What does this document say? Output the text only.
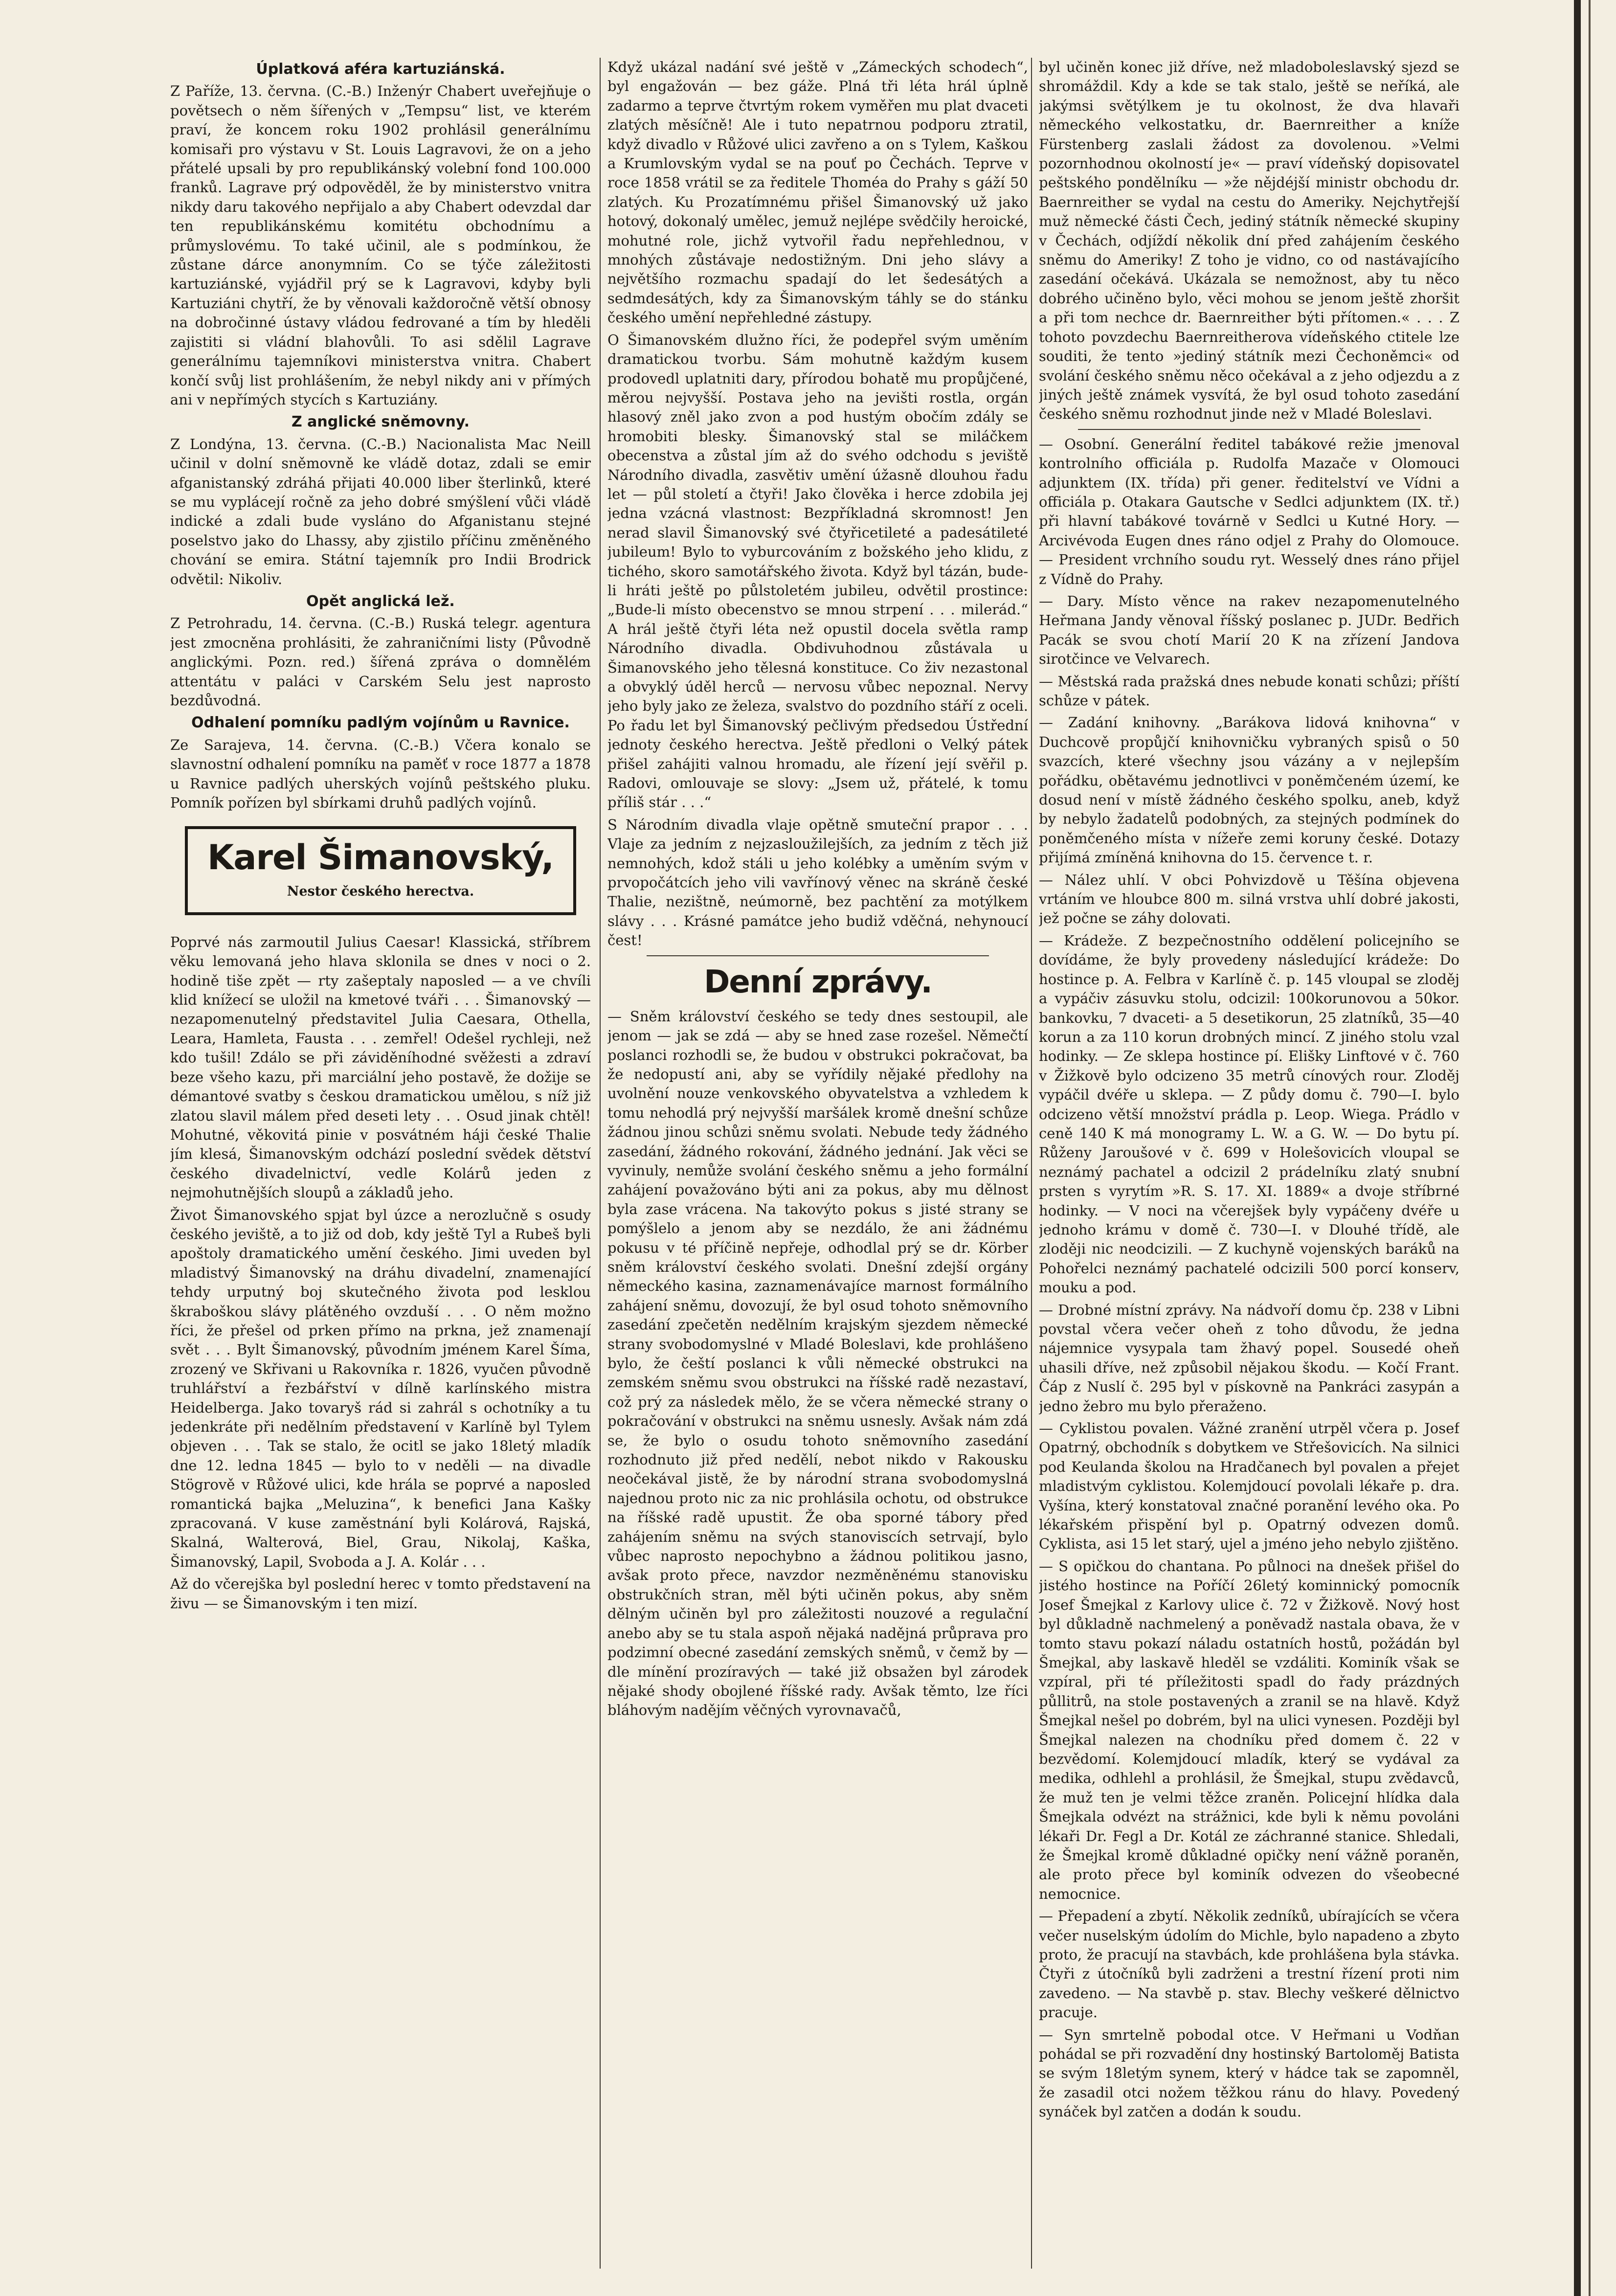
Úplatková aféra kartuziánská.

Z Paříže, 13. června. (C.-B.) Inženýr Chabert uveřejňuje o povětsech o něm šířených v „Tempsu“ list, ve kterém praví, že koncem roku 1902 prohlásil generálnímu komisaři pro výstavu v St. Louis Lagravovi, že on a jeho přátelé upsali by pro republikánský volební fond 100.000 franků. Lagrave prý odpověděl, že by ministerstvo vnitra nikdy daru takového nepřijalo a aby Chabert odevzdal dar ten republikánskému komitétu obchodnímu a průmyslovému. To také učinil, ale s podmínkou, že zůstane dárce anonymním. Co se týče záležitosti kartuziánské, vyjádřil prý se k Lagravovi, kdyby byli Kartuziáni chytří, že by věnovali každoročně větší obnosy na dobročinné ústavy vládou fedrované a tím by hleděli zajistiti si vládní blahovůli. To asi sdělil Lagrave generálnímu tajemníkovi ministerstva vnitra. Chabert končí svůj list prohlášením, že nebyl nikdy ani v přímých ani v nepřímých stycích s Kartuziány.

Z anglické sněmovny.

Z Londýna, 13. června. (C.-B.) Nacionalista Mac Neill učinil v dolní sněmovně ke vládě dotaz, zdali se emir afganistanský zdráhá přijati 40.000 liber šterlinků, které se mu vyplácejí ročně za jeho dobré smýšlení vůči vládě indické a zdali bude vysláno do Afganistanu stejné poselstvo jako do Lhassy, aby zjistilo příčinu změněného chování se emira. Státní tajemník pro Indii Brodrick odvětil: Nikoliv.

Opět anglická lež.

Z Petrohradu, 14. června. (C.-B.) Ruská telegr. agentura jest zmocněna prohlásiti, že zahraničními listy (Původně anglickými. Pozn. red.) šířená zpráva o domnělém attentátu v paláci v Carském Selu jest naprosto bezdůvodná.

Odhalení pomníku padlým vojínům u Ravnice.

Ze Sarajeva, 14. června. (C.-B.) Včera konalo se slavnostní odhalení pomníku na paměť v roce 1877 a 1878 u Ravnice padlých uherských vojínů peštského pluku. Pomník pořízen byl sbírkami druhů padlých vojínů.

Karel Šimanovský,
Nestor českého herectva.

Poprvé nás zarmoutil Julius Caesar! Klassická, stříbrem věku lemovaná jeho hlava sklonila se dnes v noci o 2. hodině tiše zpět — rty zašeptaly naposled — a ve chvíli klid knížecí se uložil na kmetové tváři . . . Šimanovský — nezapomenutelný představitel Julia Caesara, Othella, Leara, Hamleta, Fausta . . . zemřel! Odešel rychleji, než kdo tušil! Zdálo se při záviděníhodné svěžesti a zdraví beze všeho kazu, při marciální jeho postavě, že dožije se démantové svatby s českou dramatickou umělou, s níž již zlatou slavil málem před deseti lety . . . Osud jinak chtěl! Mohutné, věkovitá pinie v posvátném háji české Thalie jím klesá, Šimanovským odchází poslední svědek dětství českého divadelnictví, vedle Kolárů jeden z nejmohutnějších sloupů a základů jeho.

Život Šimanovského spjat byl úzce a nerozlučně s osudy českého jeviště, a to již od dob, kdy ještě Tyl a Rubeš byli apoštoly dramatického umění českého. Jimi uveden byl mladistvý Šimanovský na dráhu divadelní, znamenající tehdy urputný boj skutečného života pod lesklou škraboškou slávy plátěného ovzduší . . . O něm možno říci, že přešel od prken přímo na prkna, jež znamenají svět . . . Bylt Šimanovský, původním jménem Karel Šíma, zrozený ve Skřivani u Rakovníka r. 1826, vyučen původně truhlářství a řezbářství v dílně karlínského mistra Heidelberga. Jako tovaryš rád si zahrál s ochotníky a tu jedenkráte při nedělním představení v Karlíně byl Tylem objeven . . . Tak se stalo, že ocitl se jako 18letý mladík dne 12. ledna 1845 — bylo to v neděli — na divadle Stögrově v Růžové ulici, kde hrála se poprvé a naposled romantická bajka „Meluzina“, k benefici Jana Kašky zpracovaná. V kuse zaměstnání byli Kolárová, Rajská, Skalná, Walterová, Biel, Grau, Nikolaj, Kaška, Šimanovský, Lapil, Svoboda a J. A. Kolár . . .

Až do včerejška byl poslední herec v tomto představení na živu — se Šimanovským i ten mizí.

Když ukázal nadání své ještě v „Zámeckých schodech“, byl engažován — bez gáže. Plná tři léta hrál úplně zadarmo a teprve čtvrtým rokem vyměřen mu plat dvaceti zlatých měsíčně! Ale i tuto nepatrnou podporu ztratil, když divadlo v Růžové ulici zavřeno a on s Tylem, Kaškou a Krumlovským vydal se na pouť po Čechách. Teprve v roce 1858 vrátil se za ředitele Thoméa do Prahy s gáží 50 zlatých. Ku Prozatímnému přišel Šimanovský už jako hotový, dokonalý umělec, jemuž nejlépe svědčily heroické, mohutné role, jichž vytvořil řadu nepřehlednou, v mnohých zůstávaje nedostižným. Dni jeho slávy a největšího rozmachu spadají do let šedesátých a sedmdesátých, kdy za Šimanovským táhly se do stánku českého umění nepřehledné zástupy.

O Šimanovském dlužno říci, že podepřel svým uměním dramatickou tvorbu. Sám mohutně každým kusem prodovedl uplatniti dary, přírodou bohatě mu propůjčené, měrou nejvyšší. Postava jeho na jevišti rostla, orgán hlasový zněl jako zvon a pod hustým obočím zdály se hromobiti blesky. Šimanovský stal se miláčkem obecenstva a zůstal jím až do svého odchodu s jeviště Národního divadla, zasvětiv umění úžasně dlouhou řadu let — půl století a čtyři! Jako člověka i herce zdobila jej jedna vzácná vlastnost: Bezpříkladná skromnost! Jen nerad slavil Šimanovský své čtyřicetileté a padesátileté jubileum! Bylo to vyburcováním z božského jeho klidu, z tichého, skoro samotářského života. Když byl tázán, bude-li hráti ještě po půlstoletém jubileu, odvětil prostince: „Bude-li místo obecenstvo se mnou strpení . . . milerád.“ A hrál ještě čtyři léta než opustil docela světla ramp Národního divadla. Obdivuhodnou zůstávala u Šimanovského jeho tělesná konstituce. Co živ nezastonal a obvyklý úděl herců — nervosu vůbec nepoznal. Nervy jeho byly jako ze železa, svalstvo do pozdního stáří z oceli. Po řadu let byl Šimanovský pečlivým předsedou Ústřední jednoty českého herectva. Ještě předloni o Velký pátek přišel zahájiti valnou hromadu, ale řízení její svěřil p. Radovi, omlouvaje se slovy: „Jsem už, přátelé, k tomu příliš stár . . .“

S Národním divadla vlaje opětně smuteční prapor . . . Vlaje za jedním z nejzasloužilejších, za jedním z těch již nemnohých, kdož stáli u jeho kolébky a uměním svým v prvopočátcích jeho vili vavřínový věnec na skráně české Thalie, nezištně, neúmorně, bez pachtění za motýlkem slávy . . . Krásné památce jeho budiž vděčná, nehynoucí čest!

Denní zprávy.

— Sněm království českého se tedy dnes sestoupil, ale jenom — jak se zdá — aby se hned zase rozešel. Němečtí poslanci rozhodli se, že budou v obstrukci pokračovat, ba že nedopustí ani, aby se vyřídily nějaké předlohy na uvolnění nouze venkovského obyvatelstva a vzhledem k tomu nehodlá prý nejvyšší maršálek kromě dnešní schůze žádnou jinou schůzi sněmu svolati. Nebude tedy žádného zasedání, žádného rokování, žádného jednání. Jak věci se vyvinuly, nemůže svolání českého sněmu a jeho formální zahájení považováno býti ani za pokus, aby mu dělnost byla zase vrácena. Na takovýto pokus s jisté strany se pomýšlelo a jenom aby se nezdálo, že ani žádnému pokusu v té příčině nepřeje, odhodlal prý se dr. Körber sněm království českého svolati. Dnešní zdejší orgány německého kasina, zaznamenávajíce marnost formálního zahájení sněmu, dovozují, že byl osud tohoto sněmovního zasedání zpečetěn nedělním krajským sjezdem německé strany svobodomyslné v Mladé Boleslavi, kde prohlášeno bylo, že čeští poslanci k vůli německé obstrukci na zemském sněmu svou obstrukci na říšské radě nezastaví, což prý za následek mělo, že se včera německé strany o pokračování v obstrukci na sněmu usnesly. Avšak nám zdá se, že bylo o osudu tohoto sněmovního zasedání rozhodnuto již před nedělí, nebot nikdo v Rakousku neočekával jistě, že by národní strana svobodomyslná najednou proto nic za nic prohlásila ochotu, od obstrukce na říšské radě upustit. Že oba sporné tábory před zahájením sněmu na svých stanoviscích setrvají, bylo vůbec naprosto nepochybno a žádnou politikou jasno, avšak proto přece, navzdor nezměněnému stanovisku obstrukčních stran, měl býti učiněn pokus, aby sněm dělným učiněn byl pro záležitosti nouzové a regulační anebo aby se tu stala aspoň nějaká nadějná průprava pro podzimní obecné zasedání zemských sněmů, v čemž by — dle mínění prozíravých — také již obsažen byl zárodek nějaké shody obojlené říšské rady. Avšak těmto, lze říci bláhovým nadějím věčných vyrovnavačů,

byl učiněn konec již dříve, než mladoboleslavský sjezd se shromáždil. Kdy a kde se tak stalo, ještě se neříká, ale jakýmsi světýlkem je tu okolnost, že dva hlavaři německého velkostatku, dr. Baernreither a kníže Fürstenberg zaslali žádost za dovolenou. »Velmi pozornhodnou okolností je« — praví vídeňský dopisovatel peštského pondělníku — »že nějdéjší ministr obchodu dr. Baernreither se vydal na cestu do Ameriky. Nejchytřejší muž německé části Čech, jediný státník německé skupiny v Čechách, odjíždí několik dní před zahájením českého sněmu do Ameriky! Z toho je vidno, co od nastávajícího zasedání očekává. Ukázala se nemožnost, aby tu něco dobrého učiněno bylo, věci mohou se jenom ještě zhoršit a při tom nechce dr. Baernreither býti přítomen.« . . . Z tohoto povzdechu Baernreitherova vídeňského ctitele lze souditi, že tento »jediný státník mezi Čechoněmci« od svolání českého sněmu něco očekával a z jeho odjezdu a z jiných ještě známek vysvítá, že byl osud tohoto zasedání českého sněmu rozhodnut jinde než v Mladé Boleslavi.

— Osobní. Generální ředitel tabákové režie jmenoval kontrolního officiála p. Rudolfa Mazače v Olomouci adjunktem (IX. třída) při gener. ředitelství ve Vídni a officiála p. Otakara Gautsche v Sedlci adjunktem (IX. tř.) při hlavní tabákové továrně v Sedlci u Kutné Hory. — Arcivévoda Eugen dnes ráno odjel z Prahy do Olomouce. — President vrchního soudu ryt. Wesselý dnes ráno přijel z Vídně do Prahy.

— Dary. Místo věnce na rakev nezapomenutelného Heřmana Jandy věnoval říšský poslanec p. JUDr. Bedřich Pacák se svou chotí Marií 20 K na zřízení Jandova sirotčince ve Velvarech.

— Městská rada pražská dnes nebude konati schůzi; příští schůze v pátek.

— Zadání knihovny. „Barákova lidová knihovna“ v Duchcově propůjčí knihovničku vybraných spisů o 50 svazcích, které všechny jsou vázány a v nejlepším pořádku, obětavému jednotlivci v poněmčeném území, ke dosud není v místě žádného českého spolku, aneb, když by nebylo žadatelů podobných, za stejných podmínek do poněmčeného místa v nížeře zemi koruny české. Dotazy přijímá zmíněná knihovna do 15. července t. r.

— Nález uhlí. V obci Pohvizdově u Těšína objevena vrtáním ve hloubce 800 m. silná vrstva uhlí dobré jakosti, jež počne se záhy dolovati.

— Krádeže. Z bezpečnostního oddělení policejního se dovídáme, že byly provedeny následující krádeže: Do hostince p. A. Felbra v Karlíně č. p. 145 vloupal se zloděj a vypáčiv zásuvku stolu, odcizil: 100korunovou a 50kor. bankovku, 7 dvaceti- a 5 desetikorun, 25 zlatníků, 35—40 korun a za 110 korun drobných mincí. Z jiného stolu vzal hodinky. — Ze sklepa hostince pí. Elišky Linftové v č. 760 v Žižkově bylo odcizeno 35 metrů cínových rour. Zloděj vypáčil dvéře u sklepa. — Z půdy domu č. 790—I. bylo odcizeno větší množství prádla p. Leop. Wiega. Prádlo v ceně 140 K má monogramy L. W. a G. W. — Do bytu pí. Růženy Jaroušové v č. 699 v Holešovicích vloupal se neznámý pachatel a odcizil 2 prádelníku zlatý snubní prsten s vyrytím »R. S. 17. XI. 1889« a dvoje stříbrné hodinky. — V noci na včerejšek byly vypáčeny dvéře u jednoho krámu v domě č. 730—I. v Dlouhé třídě, ale zloději nic neodcizili. — Z kuchyně vojenských baráků na Pohořelci neznámý pachatelé odcizili 500 porcí konserv, mouku a pod.

— Drobné místní zprávy. Na nádvoří domu čp. 238 v Libni povstal včera večer oheň z toho důvodu, že jedna nájemnice vysypala tam žhavý popel. Sousedé oheň uhasili dříve, než způsobil nějakou škodu. — Kočí Frant. Čáp z Nuslí č. 295 byl v pískovně na Pankráci zasypán a jedno žebro mu bylo přeraženo.

— Cyklistou povalen. Vážné zranění utrpěl včera p. Josef Opatrný, obchodník s dobytkem ve Střešovicích. Na silnici pod Keulanda školou na Hradčanech byl povalen a přejet mladistvým cyklistou. Kolemjdoucí povolali lékaře p. dra. Vyšína, který konstatoval značné poranění levého oka. Po lékařském přispění byl p. Opatrný odvezen domů. Cyklista, asi 15 let starý, ujel a jméno jeho nebylo zjištěno.

— S opičkou do chantana. Po půlnoci na dnešek přišel do jistého hostince na Poříčí 26letý kominnický pomocník Josef Šmejkal z Karlovy ulice č. 72 v Žižkově. Nový host byl důkladně nachmelený a poněvadž nastala obava, že v tomto stavu pokazí náladu ostatních hostů, požádán byl Šmejkal, aby laskavě hleděl se vzdáliti. Kominík však se vzpíral, při té příležitosti spadl do řady prázdných půllitrů, na stole postavených a zranil se na hlavě. Když Šmejkal nešel po dobrém, byl na ulici vynesen. Později byl Šmejkal nalezen na chodníku před domem č. 22 v bezvědomí. Kolemjdoucí mladík, který se vydával za medika, odhlehl a prohlásil, že Šmejkal, stupu zvědavců, že muž ten je velmi těžce zraněn. Policejní hlídka dala Šmejkala odvézt na strážnici, kde byli k němu povoláni lékaři Dr. Fegl a Dr. Kotál ze záchranné stanice. Shledali, že Šmejkal kromě důkladné opičky není vážně poraněn, ale proto přece byl kominík odvezen do všeobecné nemocnice.

— Přepadení a zbytí. Několik zedníků, ubírajících se včera večer nuselským údolím do Michle, bylo napadeno a zbyto proto, že pracují na stavbách, kde prohlášena byla stávka. Čtyři z útočníků byli zadrženi a trestní řízení proti nim zavedeno. — Na stavbě p. stav. Blechy veškeré dělnictvo pracuje.

— Syn smrtelně pobodal otce. V Heřmani u Vodňan pohádal se při rozvadění dny hostinský Bartoloměj Batista se svým 18letým synem, který v hádce tak se zapomněl, že zasadil otci nožem těžkou ránu do hlavy. Povedený synáček byl zatčen a dodán k soudu.
